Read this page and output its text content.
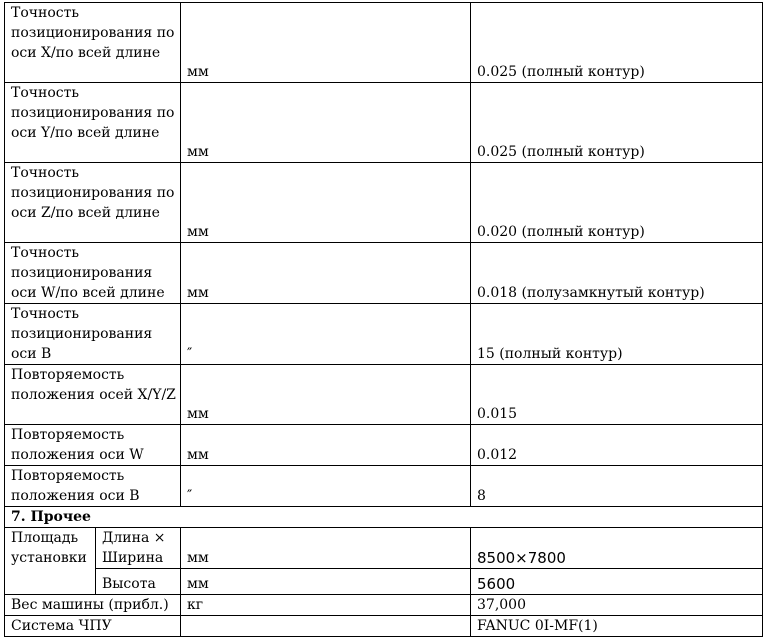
Точность позиционирования по оси X/по всей длине		мм	0.025 (полный контур)
Точность позиционирования по оси Y/по всей длине		мм	0.025 (полный контур)
Точность позиционирования по оси Z/по всей длине		мм	0.020 (полный контур)
Точность позиционирования оси W/по всей длине		мм	0.018 (полузамкнутый контур)
Точность позиционирования оси B		″	15 (полный контур)
Повторяемость положения осей X/Y/Z		мм	0.015
Повторяемость положения оси W		мм	0.012
Повторяемость положения оси B		″	8
7. Прочее			
Площадь установки	Длина × Ширина	мм	8500×7800
	Высота	мм	5600
Вес машины (прибл.)		кг	37,000
Система ЧПУ			FANUC 0I-MF(1)
